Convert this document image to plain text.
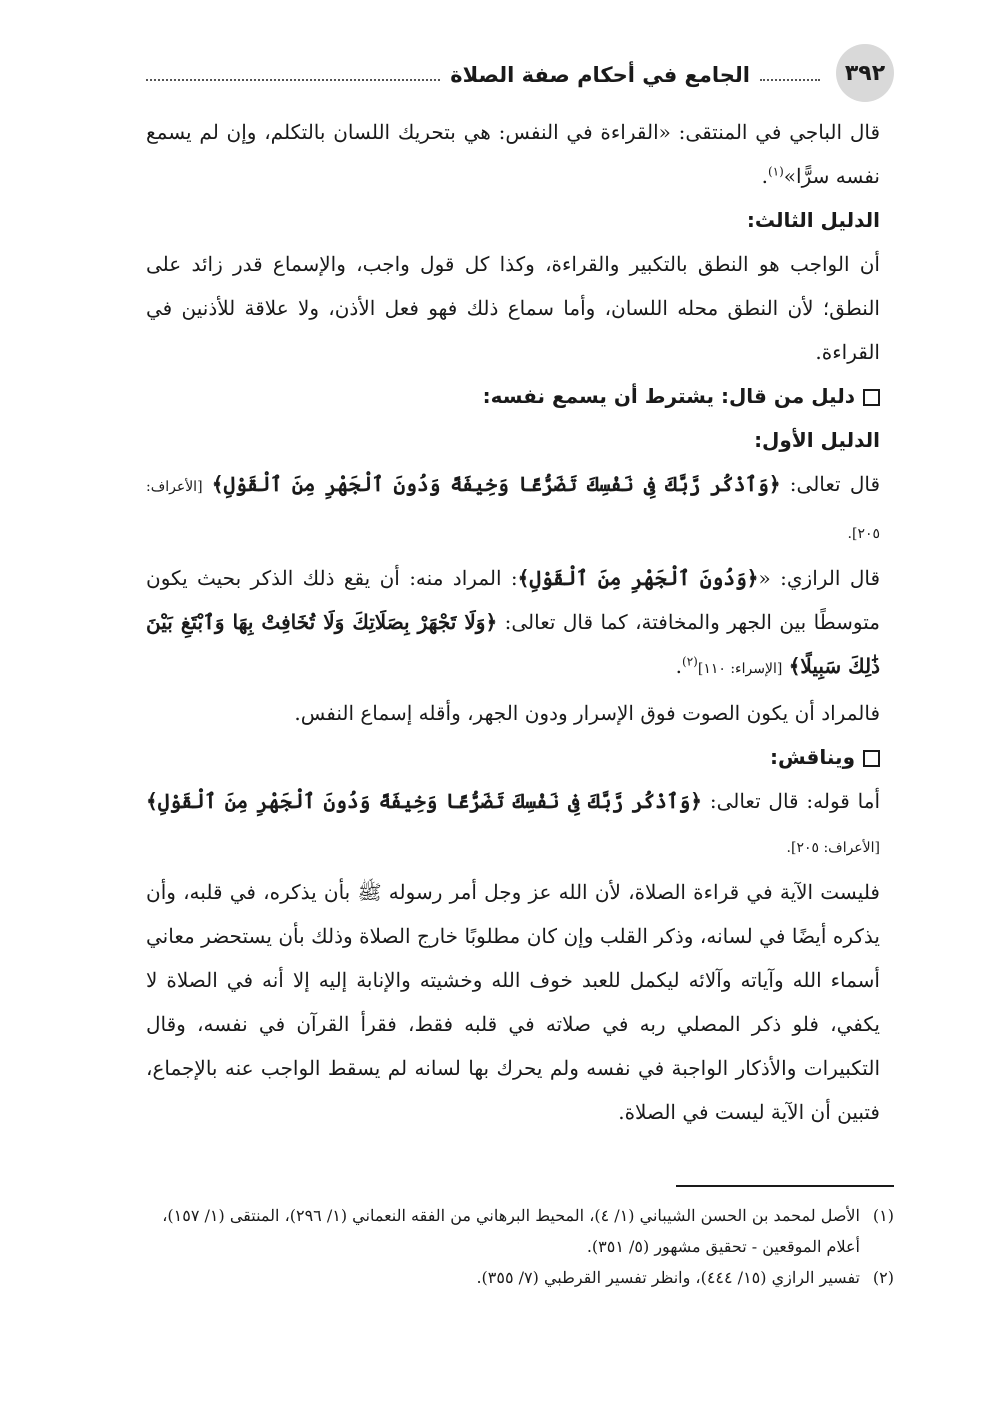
٣٩٢
الجامع في أحكام صفة الصلاة

قال الباجي في المنتقى: «القراءة في النفس: هي بتحريك اللسان بالتكلم، وإن لم يسمع نفسه سرًّا»$^{(١)}$.

الدليل الثالث:

أن الواجب هو النطق بالتكبير والقراءة، وكذا كل قول واجب، والإسماع قدر زائد على النطق؛ لأن النطق محله اللسان، وأما سماع ذلك فهو فعل الأذن، ولا علاقة للأذنين في القراءة.

دليل من قال: يشترط أن يسمع نفسه:

الدليل الأول:

قال تعالى: ﴿وَٱذْكُر رَّبَّكَ فِى نَفْسِكَ تَضَرُّعًا وَخِيفَةً وَدُونَ ٱلْجَهْرِ مِنَ ٱلْقَوْلِ﴾ [الأعراف: ٢٠٥].

قال الرازي: «﴿وَدُونَ ٱلْجَهْرِ مِنَ ٱلْقَوْلِ﴾: المراد منه: أن يقع ذلك الذكر بحيث يكون متوسطًا بين الجهر والمخافتة، كما قال تعالى: ﴿وَلَا تَجْهَرْ بِصَلَاتِكَ وَلَا تُخَافِتْ بِهَا وَٱبْتَغِ بَيْنَ ذَٰلِكَ سَبِيلًا﴾ [الإسراء: ١١٠]$^{(٢)}$.

فالمراد أن يكون الصوت فوق الإسرار ودون الجهر، وأقله إسماع النفس.

ويناقش:

أما قوله: قال تعالى: ﴿وَٱذْكُر رَّبَّكَ فِى نَفْسِكَ تَضَرُّعًا وَخِيفَةً وَدُونَ ٱلْجَهْرِ مِنَ ٱلْقَوْلِ﴾ [الأعراف: ٢٠٥].

فليست الآية في قراءة الصلاة، لأن الله عز وجل أمر رسوله ﷺ بأن يذكره، في قلبه، وأن يذكره أيضًا في لسانه، وذكر القلب وإن كان مطلوبًا خارج الصلاة وذلك بأن يستحضر معاني أسماء الله وآياته وآلائه ليكمل للعبد خوف الله وخشيته والإنابة إليه إلا أنه في الصلاة لا يكفي، فلو ذكر المصلي ربه في صلاته في قلبه فقط، فقرأ القرآن في نفسه، وقال التكبيرات والأذكار الواجبة في نفسه ولم يحرك بها لسانه لم يسقط الواجب عنه بالإجماع، فتبين أن الآية ليست في الصلاة.

(١)
الأصل لمحمد بن الحسن الشيباني (١/ ٤)، المحيط البرهاني من الفقه النعماني (١/ ٢٩٦)، المنتقى (١/ ١٥٧)، أعلام الموقعين - تحقيق مشهور (٥/ ٣٥١).

(٢)
تفسير الرازي (١٥/ ٤٤٤)، وانظر تفسير القرطبي (٧/ ٣٥٥).
